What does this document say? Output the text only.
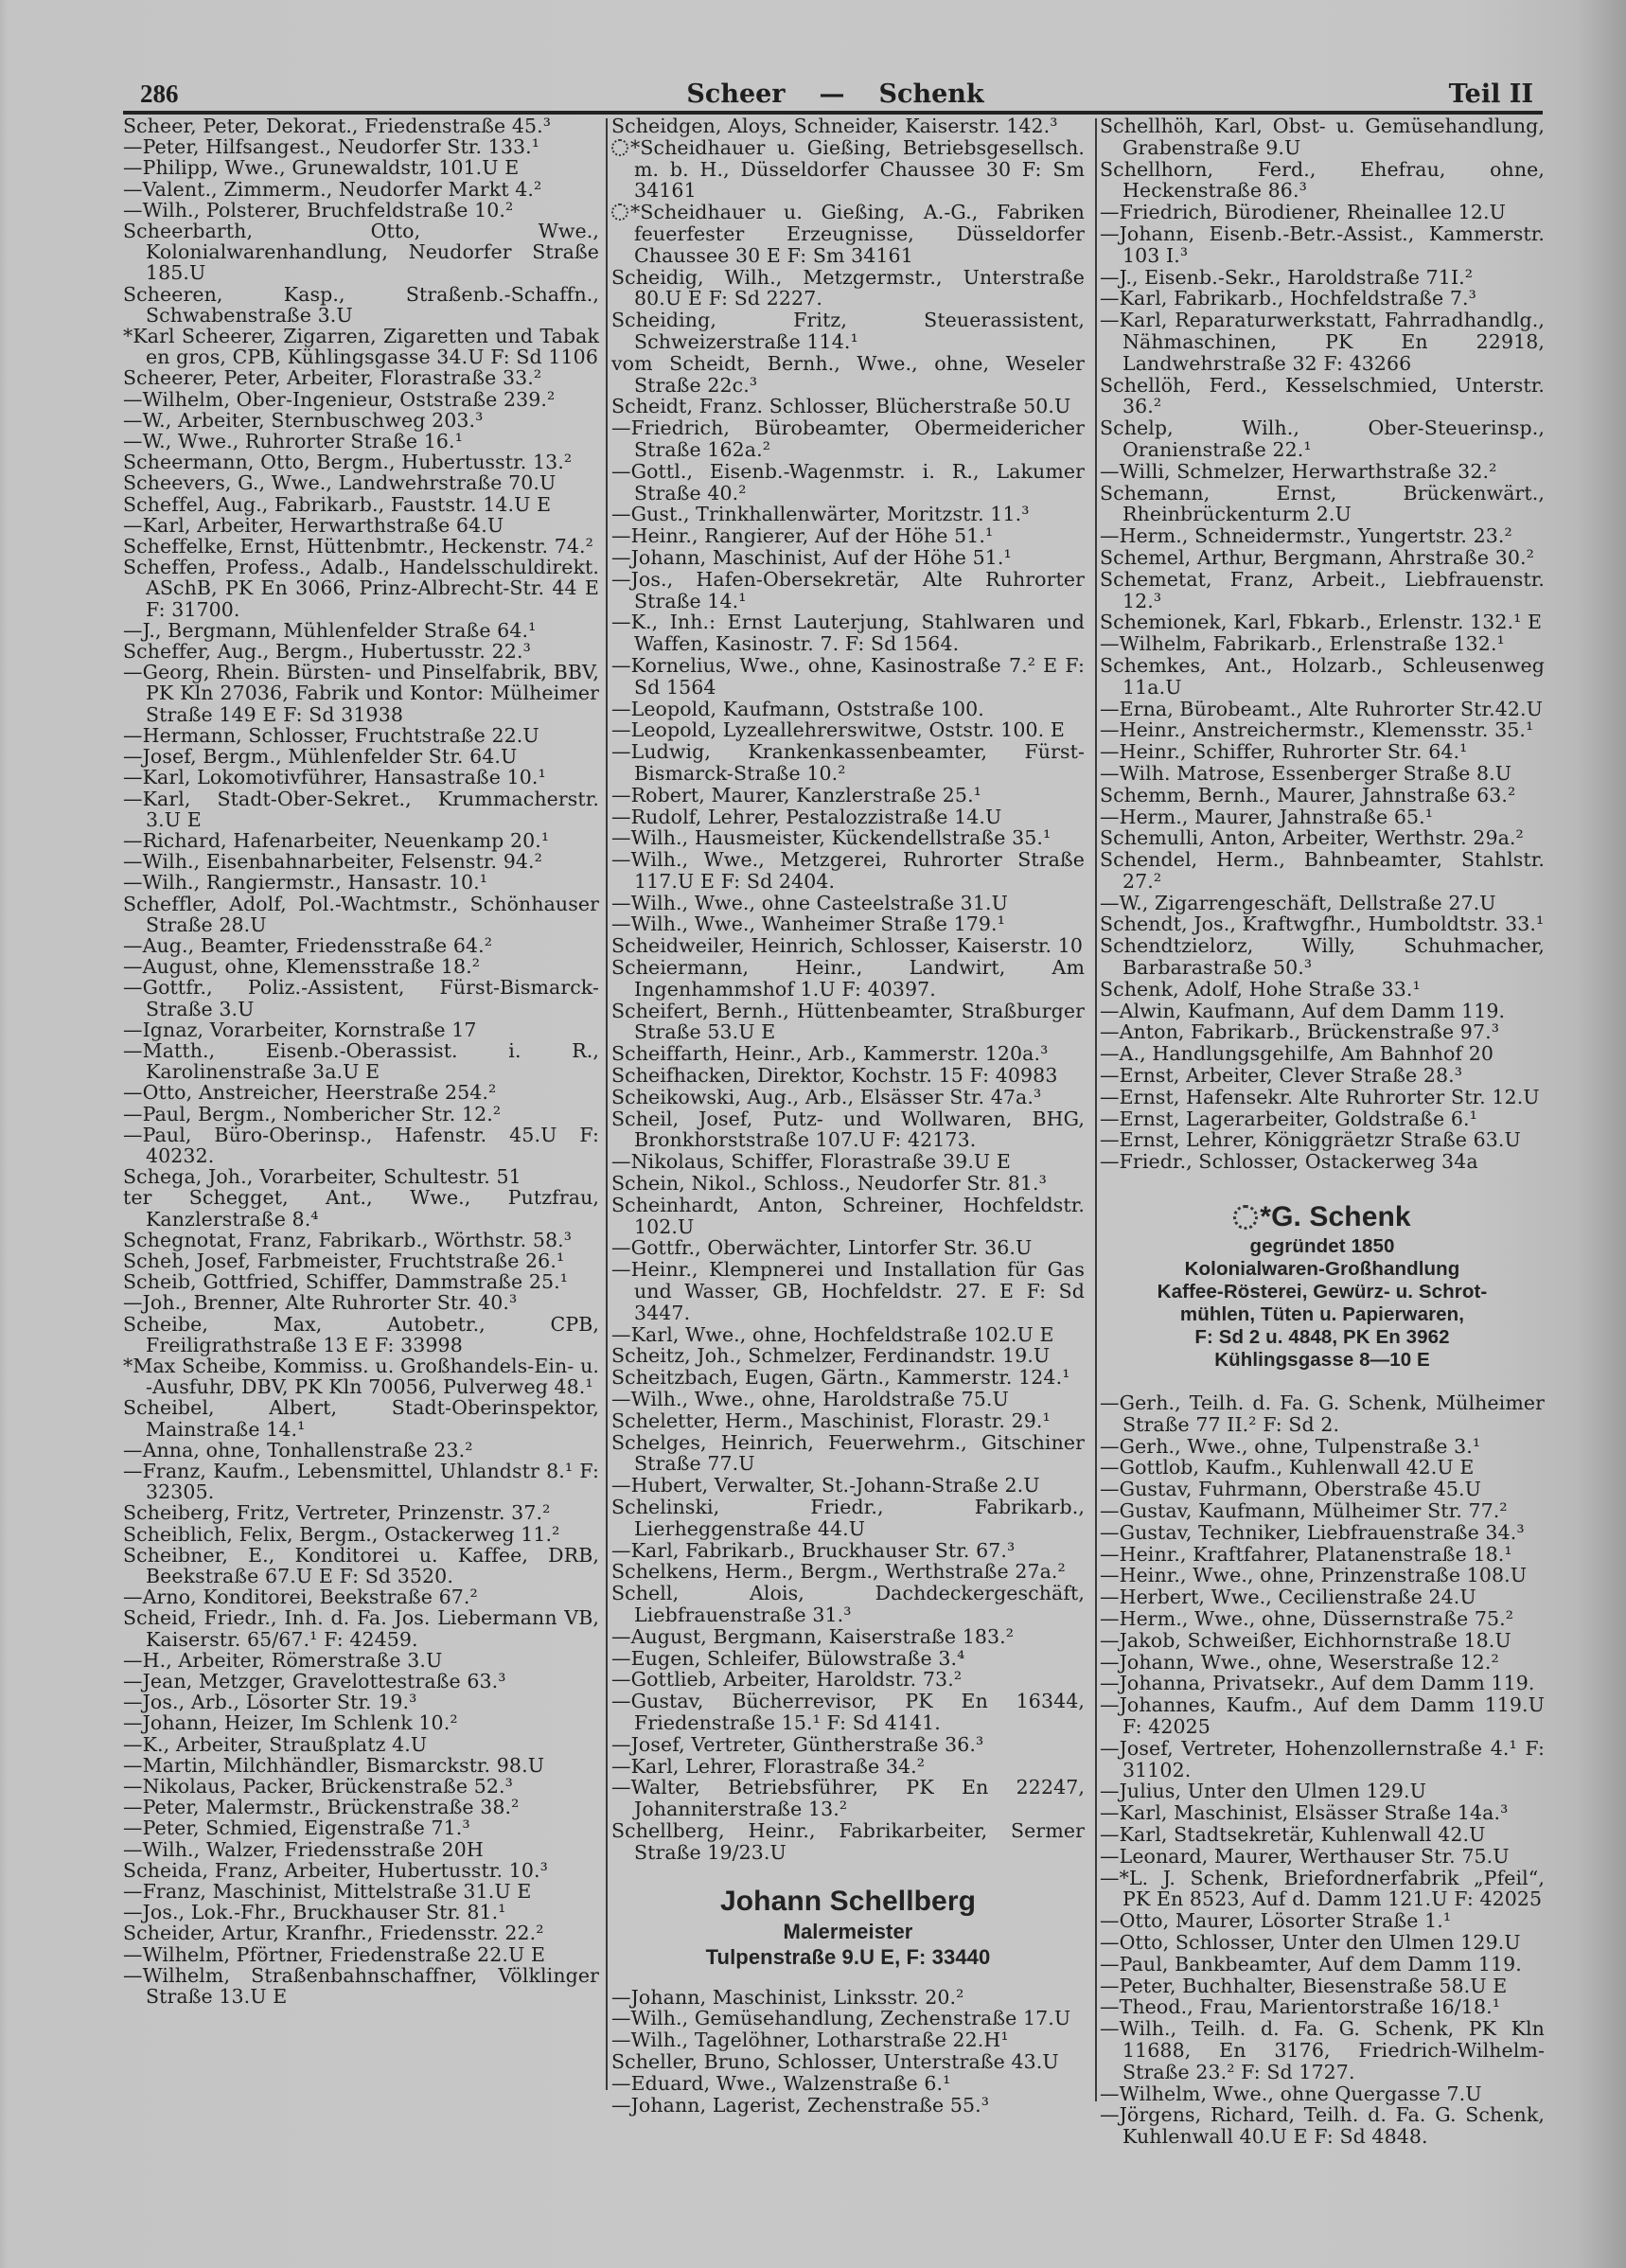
286	Scheer — Schenk	Teil II

Scheer, Peter, Dekorat., Friedenstraße 45.³

—Peter, Hilfsangest., Neudorfer Str. 133.¹

—Philipp, Wwe., Grunewaldstr, 101.U E

—Valent., Zimmerm., Neudorfer Markt 4.²

—Wilh., Polsterer, Bruchfeldstraße 10.²

Scheerbarth, Otto, Wwe., Kolonialwarenhandlung, Neudorfer Straße 185.U

Scheeren, Kasp., Straßenb.-Schaffn., Schwabenstraße 3.U

*Karl Scheerer, Zigarren, Zigaretten und Tabak en gros, CPB, Kühlingsgasse 34.U F: Sd 1106

Scheerer, Peter, Arbeiter, Florastraße 33.²

—Wilhelm, Ober-Ingenieur, Oststraße 239.²

—W., Arbeiter, Sternbuschweg 203.³

—W., Wwe., Ruhrorter Straße 16.¹

Scheermann, Otto, Bergm., Hubertusstr. 13.²

Scheevers, G., Wwe., Landwehrstraße 70.U

Scheffel, Aug., Fabrikarb., Fauststr. 14.U E

—Karl, Arbeiter, Herwarthstraße 64.U

Scheffelke, Ernst, Hüttenbmtr., Heckenstr. 74.²

Scheffen, Profess., Adalb., Handelsschuldirekt. ASchB, PK En 3066, Prinz-Albrecht-Str. 44 E F: 31700.

—J., Bergmann, Mühlenfelder Straße 64.¹

Scheffer, Aug., Bergm., Hubertusstr. 22.³

—Georg, Rhein. Bürsten- und Pinselfabrik, BBV, PK Kln 27036, Fabrik und Kontor: Mülheimer Straße 149 E F: Sd 31938

—Hermann, Schlosser, Fruchtstraße 22.U

—Josef, Bergm., Mühlenfelder Str. 64.U

—Karl, Lokomotivführer, Hansastraße 10.¹

—Karl, Stadt-Ober-Sekret., Krummacherstr. 3.U E

—Richard, Hafenarbeiter, Neuenkamp 20.¹

—Wilh., Eisenbahnarbeiter, Felsenstr. 94.²

—Wilh., Rangiermstr., Hansastr. 10.¹

Scheffler, Adolf, Pol.-Wachtmstr., Schönhauser Straße 28.U

—Aug., Beamter, Friedensstraße 64.²

—August, ohne, Klemensstraße 18.²

—Gottfr., Poliz.-Assistent, Fürst-Bismarck-Straße 3.U

—Ignaz, Vorarbeiter, Kornstraße 17

—Matth., Eisenb.-Oberassist. i. R., Karolinenstraße 3a.U E

—Otto, Anstreicher, Heerstraße 254.²

—Paul, Bergm., Nombericher Str. 12.²

—Paul, Büro-Oberinsp., Hafenstr. 45.U F: 40232.

Schega, Joh., Vorarbeiter, Schultestr. 51

ter Schegget, Ant., Wwe., Putzfrau, Kanzlerstraße 8.⁴

Schegnotat, Franz, Fabrikarb., Wörthstr. 58.³

Scheh, Josef, Farbmeister, Fruchtstraße 26.¹

Scheib, Gottfried, Schiffer, Dammstraße 25.¹

—Joh., Brenner, Alte Ruhrorter Str. 40.³

Scheibe, Max, Autobetr., CPB, Freiligrathstraße 13 E F: 33998

*Max Scheibe, Kommiss. u. Großhandels-Ein- u. -Ausfuhr, DBV, PK Kln 70056, Pulverweg 48.¹

Scheibel, Albert, Stadt-Oberinspektor, Mainstraße 14.¹

—Anna, ohne, Tonhallenstraße 23.²

—Franz, Kaufm., Lebensmittel, Uhlandstr 8.¹ F: 32305.

Scheiberg, Fritz, Vertreter, Prinzenstr. 37.²

Scheiblich, Felix, Bergm., Ostackerweg 11.²

Scheibner, E., Konditorei u. Kaffee, DRB, Beekstraße 67.U E F: Sd 3520.

—Arno, Konditorei, Beekstraße 67.²

Scheid, Friedr., Inh. d. Fa. Jos. Liebermann VB, Kaiserstr. 65/67.¹ F: 42459.

—H., Arbeiter, Römerstraße 3.U

—Jean, Metzger, Gravelottestraße 63.³

—Jos., Arb., Lösorter Str. 19.³

—Johann, Heizer, Im Schlenk 10.²

—K., Arbeiter, Straußplatz 4.U

—Martin, Milchhändler, Bismarckstr. 98.U

—Nikolaus, Packer, Brückenstraße 52.³

—Peter, Malermstr., Brückenstraße 38.²

—Peter, Schmied, Eigenstraße 71.³

—Wilh., Walzer, Friedensstraße 20H

Scheida, Franz, Arbeiter, Hubertusstr. 10.³

—Franz, Maschinist, Mittelstraße 31.U E

—Jos., Lok.-Fhr., Bruckhauser Str. 81.¹

Scheider, Artur, Kranfhr., Friedensstr. 22.²

—Wilhelm, Pförtner, Friedenstraße 22.U E

—Wilhelm, Straßenbahnschaffner, Völklinger Straße 13.U E

Scheidgen, Aloys, Schneider, Kaiserstr. 142.³

*Scheidhauer u. Gießing, Betriebsgesellsch. m. b. H., Düsseldorfer Chaussee 30 F: Sm 34161

*Scheidhauer u. Gießing, A.-G., Fabriken feuerfester Erzeugnisse, Düsseldorfer Chaussee 30 E F: Sm 34161

Scheidig, Wilh., Metzgermstr., Unterstraße 80.U E F: Sd 2227.

Scheiding, Fritz, Steuerassistent, Schweizerstraße 114.¹

vom Scheidt, Bernh., Wwe., ohne, Weseler Straße 22c.³

Scheidt, Franz. Schlosser, Blücherstraße 50.U

—Friedrich, Bürobeamter, Obermeidericher Straße 162a.²

—Gottl., Eisenb.-Wagenmstr. i. R., Lakumer Straße 40.²

—Gust., Trinkhallenwärter, Moritzstr. 11.³

—Heinr., Rangierer, Auf der Höhe 51.¹

—Johann, Maschinist, Auf der Höhe 51.¹

—Jos., Hafen-Obersekretär, Alte Ruhrorter Straße 14.¹

—K., Inh.: Ernst Lauterjung, Stahlwaren und Waffen, Kasinostr. 7. F: Sd 1564.

—Kornelius, Wwe., ohne, Kasinostraße 7.² E F: Sd 1564

—Leopold, Kaufmann, Oststraße 100.

—Leopold, Lyzeallehrerswitwe, Oststr. 100. E

—Ludwig, Krankenkassenbeamter, Fürst-Bismarck-Straße 10.²

—Robert, Maurer, Kanzlerstraße 25.¹

—Rudolf, Lehrer, Pestalozzistraße 14.U

—Wilh., Hausmeister, Kückendellstraße 35.¹

—Wilh., Wwe., Metzgerei, Ruhrorter Straße 117.U E F: Sd 2404.

—Wilh., Wwe., ohne Casteelstraße 31.U

—Wilh., Wwe., Wanheimer Straße 179.¹

Scheidweiler, Heinrich, Schlosser, Kaiserstr. 10

Scheiermann, Heinr., Landwirt, Am Ingenhammshof 1.U F: 40397.

Scheifert, Bernh., Hüttenbeamter, Straßburger Straße 53.U E

Scheiffarth, Heinr., Arb., Kammerstr. 120a.³

Scheifhacken, Direktor, Kochstr. 15 F: 40983

Scheikowski, Aug., Arb., Elsässer Str. 47a.³

Scheil, Josef, Putz- und Wollwaren, BHG, Bronkhorststraße 107.U F: 42173.

—Nikolaus, Schiffer, Florastraße 39.U E

Schein, Nikol., Schloss., Neudorfer Str. 81.³

Scheinhardt, Anton, Schreiner, Hochfeldstr. 102.U

—Gottfr., Oberwächter, Lintorfer Str. 36.U

—Heinr., Klempnerei und Installation für Gas und Wasser, GB, Hochfeldstr. 27. E F: Sd 3447.

—Karl, Wwe., ohne, Hochfeldstraße 102.U E

Scheitz, Joh., Schmelzer, Ferdinandstr. 19.U

Scheitzbach, Eugen, Gärtn., Kammerstr. 124.¹

—Wilh., Wwe., ohne, Haroldstraße 75.U

Scheletter, Herm., Maschinist, Florastr. 29.¹

Schelges, Heinrich, Feuerwehrm., Gitschiner Straße 77.U

—Hubert, Verwalter, St.-Johann-Straße 2.U

Schelinski, Friedr., Fabrikarb., Lierheggenstraße 44.U

—Karl, Fabrikarb., Bruckhauser Str. 67.³

Schelkens, Herm., Bergm., Werthstraße 27a.²

Schell, Alois, Dachdeckergeschäft, Liebfrauenstraße 31.³

—August, Bergmann, Kaiserstraße 183.²

—Eugen, Schleifer, Bülowstraße 3.⁴

—Gottlieb, Arbeiter, Haroldstr. 73.²

—Gustav, Bücherrevisor, PK En 16344, Friedenstraße 15.¹ F: Sd 4141.

—Josef, Vertreter, Güntherstraße 36.³

—Karl, Lehrer, Florastraße 34.²

—Walter, Betriebsführer, PK En 22247, Johanniterstraße 13.²

Schellberg, Heinr., Fabrikarbeiter, Sermer Straße 19/23.U

Johann Schellberg
Malermeister
Tulpenstraße 9.U E, F: 33440

—Johann, Maschinist, Linksstr. 20.²

—Wilh., Gemüsehandlung, Zechenstraße 17.U

—Wilh., Tagelöhner, Lotharstraße 22.H¹

Scheller, Bruno, Schlosser, Unterstraße 43.U

—Eduard, Wwe., Walzenstraße 6.¹

—Johann, Lagerist, Zechenstraße 55.³

Schellhöh, Karl, Obst- u. Gemüsehandlung, Grabenstraße 9.U

Schellhorn, Ferd., Ehefrau, ohne, Heckenstraße 86.³

—Friedrich, Bürodiener, Rheinallee 12.U

—Johann, Eisenb.-Betr.-Assist., Kammerstr. 103 I.³

—J., Eisenb.-Sekr., Haroldstraße 71I.²

—Karl, Fabrikarb., Hochfeldstraße 7.³

—Karl, Reparaturwerkstatt, Fahrradhandlg., Nähmaschinen, PK En 22918, Landwehrstraße 32 F: 43266

Schellöh, Ferd., Kesselschmied, Unterstr. 36.²

Schelp, Wilh., Ober-Steuerinsp., Oranienstraße 22.¹

—Willi, Schmelzer, Herwarthstraße 32.²

Schemann, Ernst, Brückenwärt., Rheinbrückenturm 2.U

—Herm., Schneidermstr., Yungertstr. 23.²

Schemel, Arthur, Bergmann, Ahrstraße 30.²

Schemetat, Franz, Arbeit., Liebfrauenstr. 12.³

Schemionek, Karl, Fbkarb., Erlenstr. 132.¹ E

—Wilhelm, Fabrikarb., Erlenstraße 132.¹

Schemkes, Ant., Holzarb., Schleusenweg 11a.U

—Erna, Bürobeamt., Alte Ruhrorter Str.42.U

—Heinr., Anstreichermstr., Klemensstr. 35.¹

—Heinr., Schiffer, Ruhrorter Str. 64.¹

—Wilh. Matrose, Essenberger Straße 8.U

Schemm, Bernh., Maurer, Jahnstraße 63.²

—Herm., Maurer, Jahnstraße 65.¹

Schemulli, Anton, Arbeiter, Werthstr. 29a.²

Schendel, Herm., Bahnbeamter, Stahlstr. 27.²

—W., Zigarrengeschäft, Dellstraße 27.U

Schendt, Jos., Kraftwgfhr., Humboldtstr. 33.¹

Schendtzielorz, Willy, Schuhmacher, Barbarastraße 50.³

Schenk, Adolf, Hohe Straße 33.¹

—Alwin, Kaufmann, Auf dem Damm 119.

—Anton, Fabrikarb., Brückenstraße 97.³

—A., Handlungsgehilfe, Am Bahnhof 20

—Ernst, Arbeiter, Clever Straße 28.³

—Ernst, Hafensekr. Alte Ruhrorter Str. 12.U

—Ernst, Lagerarbeiter, Goldstraße 6.¹

—Ernst, Lehrer, Königgräetzr Straße 63.U

—Friedr., Schlosser, Ostackerweg 34a

*G. Schenk
gegründet 1850
Kolonialwaren-Großhandlung
Kaffee-Rösterei, Gewürz- u. Schrot-
mühlen, Tüten u. Papierwaren,
F: Sd 2 u. 4848, PK En 3962
Kühlingsgasse 8—10 E

—Gerh., Teilh. d. Fa. G. Schenk, Mülheimer Straße 77 II.² F: Sd 2.

—Gerh., Wwe., ohne, Tulpenstraße 3.¹

—Gottlob, Kaufm., Kuhlenwall 42.U E

—Gustav, Fuhrmann, Oberstraße 45.U

—Gustav, Kaufmann, Mülheimer Str. 77.²

—Gustav, Techniker, Liebfrauenstraße 34.³

—Heinr., Kraftfahrer, Platanenstraße 18.¹

—Heinr., Wwe., ohne, Prinzenstraße 108.U

—Herbert, Wwe., Cecilienstraße 24.U

—Herm., Wwe., ohne, Düssernstraße 75.²

—Jakob, Schweißer, Eichhornstraße 18.U

—Johann, Wwe., ohne, Weserstraße 12.²

—Johanna, Privatsekr., Auf dem Damm 119.

—Johannes, Kaufm., Auf dem Damm 119.U F: 42025

—Josef, Vertreter, Hohenzollernstraße 4.¹ F: 31102.

—Julius, Unter den Ulmen 129.U

—Karl, Maschinist, Elsässer Straße 14a.³

—Karl, Stadtsekretär, Kuhlenwall 42.U

—Leonard, Maurer, Werthauser Str. 75.U

—*L. J. Schenk, Briefordnerfabrik „Pfeil“, PK En 8523, Auf d. Damm 121.U F: 42025

—Otto, Maurer, Lösorter Straße 1.¹

—Otto, Schlosser, Unter den Ulmen 129.U

—Paul, Bankbeamter, Auf dem Damm 119.

—Peter, Buchhalter, Biesenstraße 58.U E

—Theod., Frau, Marientorstraße 16/18.¹

—Wilh., Teilh. d. Fa. G. Schenk, PK Kln 11688, En 3176, Friedrich-Wilhelm-Straße 23.² F: Sd 1727.

—Wilhelm, Wwe., ohne Quergasse 7.U

—Jörgens, Richard, Teilh. d. Fa. G. Schenk, Kuhlenwall 40.U E F: Sd 4848.
